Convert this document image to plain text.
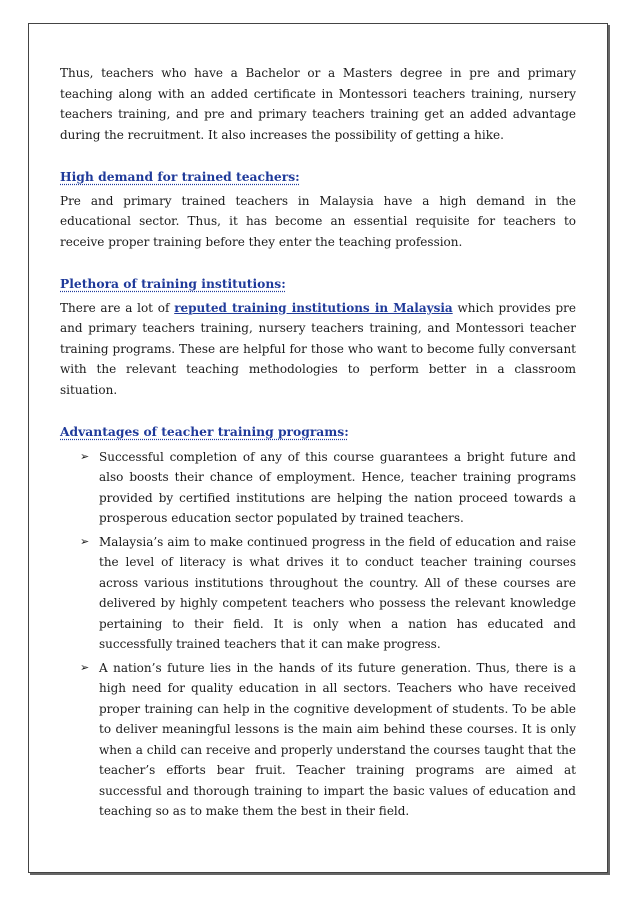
Thus, teachers who have a Bachelor or a Masters degree in pre and primary teaching along with an added certificate in Montessori teachers training, nursery teachers training, and pre and primary teachers training get an added advantage during the recruitment. It also increases the possibility of getting a hike.

High demand for trained teachers:

Pre and primary trained teachers in Malaysia have a high demand in the educational sector. Thus, it has become an essential requisite for teachers to receive proper training before they enter the teaching profession.

Plethora of training institutions:

There are a lot of reputed training institutions in Malaysia which provides pre and primary teachers training, nursery teachers training, and Montessori teacher training programs. These are helpful for those who want to become fully conversant with the relevant teaching methodologies to perform better in a classroom situation.

Advantages of teacher training programs:
➢ Successful completion of any of this course guarantees a bright future and also boosts their chance of employment. Hence, teacher training programs provided by certified institutions are helping the nation proceed towards a prosperous education sector populated by trained teachers.
➢ Malaysia’s aim to make continued progress in the field of education and raise the level of literacy is what drives it to conduct teacher training courses across various institutions throughout the country. All of these courses are delivered by highly competent teachers who possess the relevant knowledge pertaining to their field. It is only when a nation has educated and successfully trained teachers that it can make progress.
➢ A nation’s future lies in the hands of its future generation. Thus, there is a high need for quality education in all sectors. Teachers who have received proper training can help in the cognitive development of students. To be able to deliver meaningful lessons is the main aim behind these courses. It is only when a child can receive and properly understand the courses taught that the teacher’s efforts bear fruit. Teacher training programs are aimed at successful and thorough training to impart the basic values of education and teaching so as to make them the best in their field.
